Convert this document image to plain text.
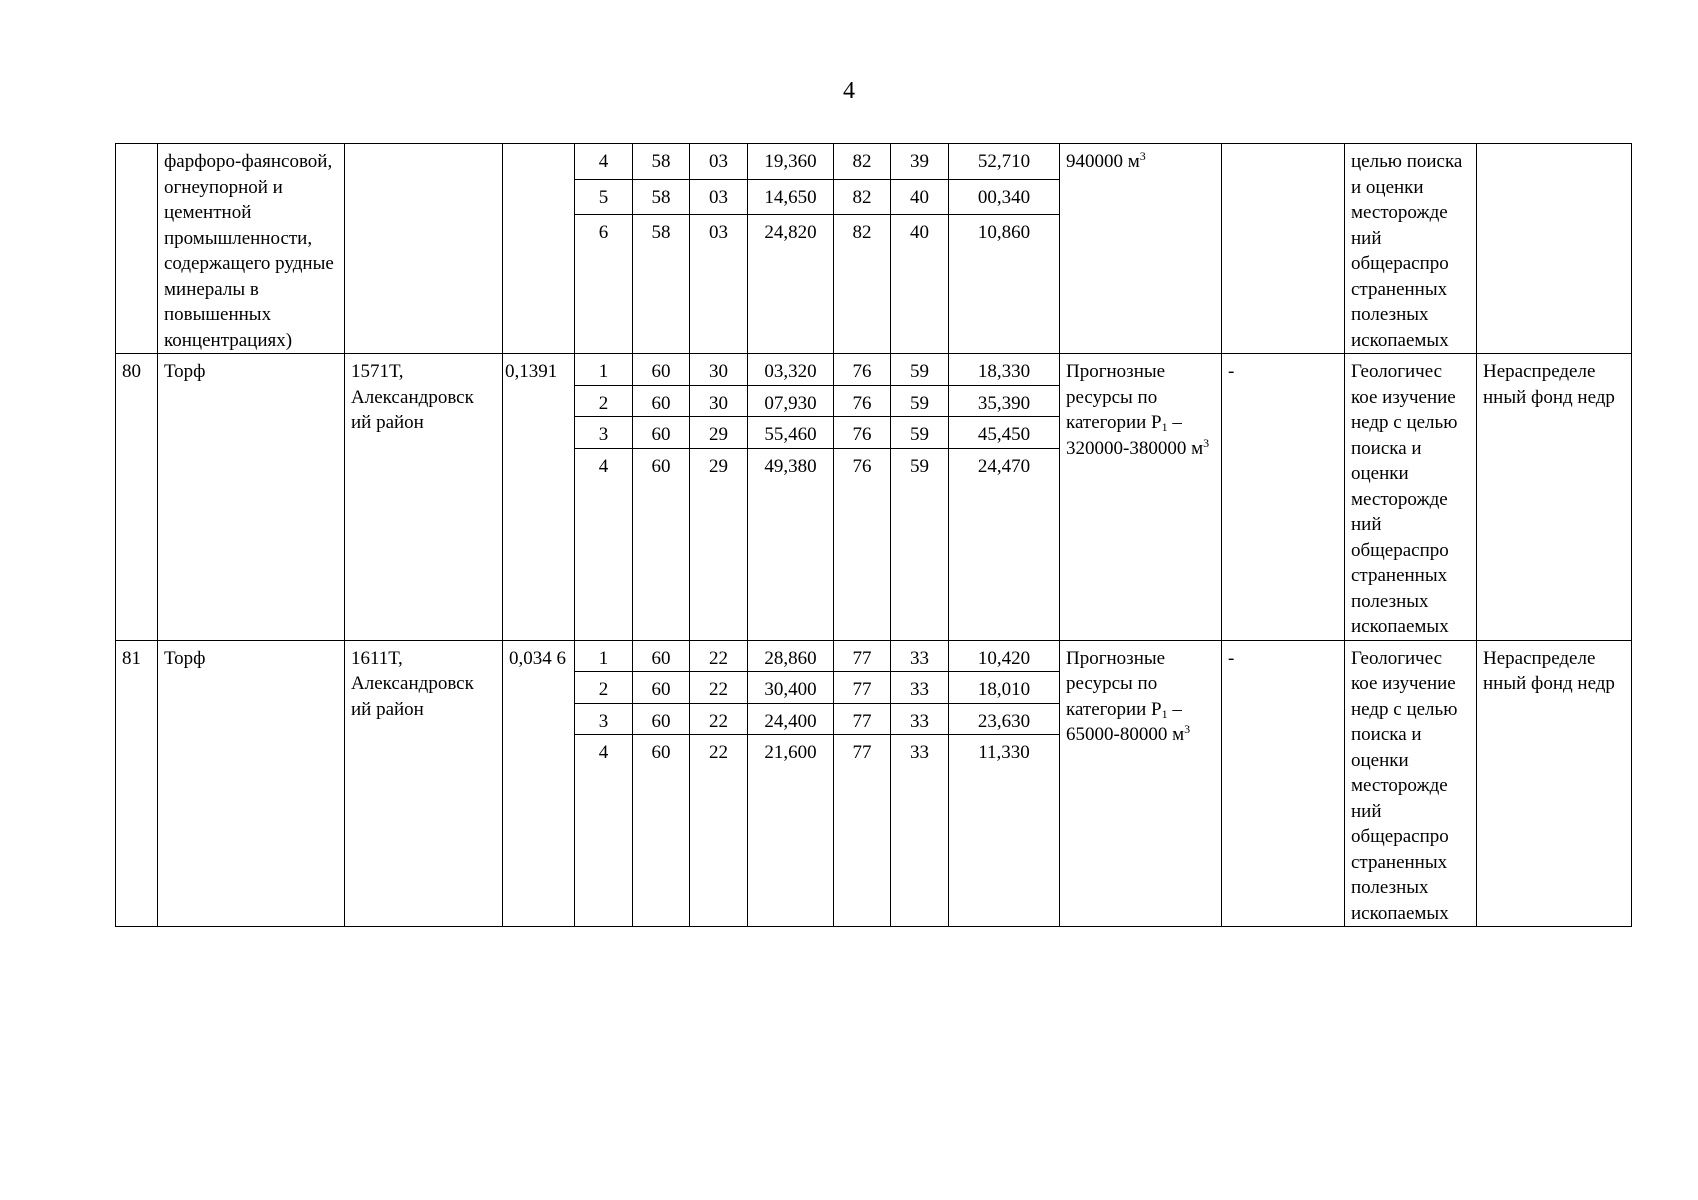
4
	фарфоро-фаянсовой, огнеупорной и цементной промышленности, содержащего рудные минералы в повышенных концентрациях)			4	58	03	19,360	82	39	52,710	940000 $м^3$		целью поиска и оценки месторожде ний общераспро страненных полезных ископаемых	
				5	58	03	14,650	82	40	00,340				
				6	58	03	24,820	82	40	10,860				
80	Торф	1571Т, Александровск ий район	0,1391	1	60	30	03,320	76	59	18,330	Прогнозные ресурсы по категории $Р_1 - 320000-380000$ $м^3$	-	Геологичес кое изучение недр с целью поиска и оценки месторожде ний общераспро страненных полезных ископаемых	Нераспределе нный фонд недр
				2	60	30	07,930	76	59	35,390				
				3	60	29	55,460	76	59	45,450				
				4	60	29	49,380	76	59	24,470				
81	Торф	1611Т, Александровск ий район	0,034 6	1	60	22	28,860	77	33	10,420	Прогнозные ресурсы по категории $Р_1 - 65000-80000$ $м^3$	-	Геологичес кое изучение недр с целью поиска и оценки месторожде ний общераспро страненных полезных ископаемых	Нераспределе нный фонд недр
				2	60	22	30,400	77	33	18,010				
				3	60	22	24,400	77	33	23,630				
				4	60	22	21,600	77	33	11,330				
